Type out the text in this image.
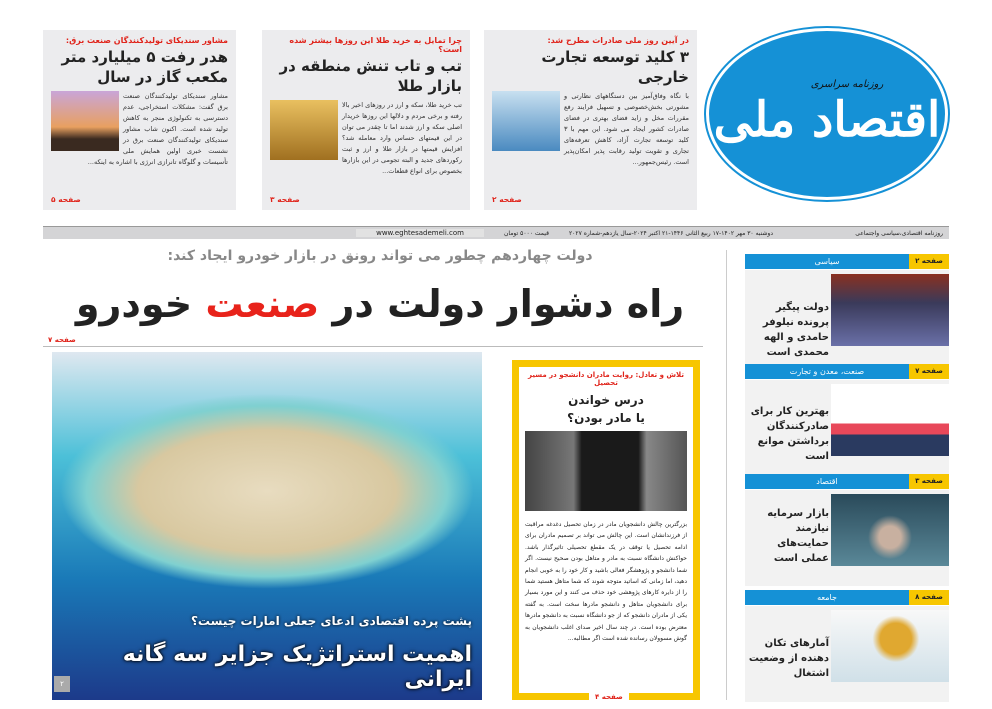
روزنامه سراسری
اقتصاد ملی
مشاور سندیکای تولیدکنندگان صنعت برق:
هدر رفت ۵ میلیارد متر مکعب گاز در سال
مشاور سندیکای تولیدکنندگان صنعت برق گفت: مشکلات استخراجی، عدم دسترسی به تکنولوژی منجر به کاهش تولید شده است. اکنون شاب مشاور سندیکای تولیدکنندگان صنعت برق در نشست خبری اولین همایش ملی تأسیسات و گلوگاه تانرازی انرژی با اشاره به اینکه...
صفحه ۵
چرا تمایل به خرید طلا این روزها بیشتر شده است؟
تب و تاب تنش منطقه در بازار طلا
تب خرید طلا، سکه و ارز در روزهای اخیر بالا رفته و برخی مردم و دلالها این روزها خریدار اصلی سکه و ارز شدند اما تا چقدر می توان در این قیمتهای حساس وارد معامله شد؟ افزایش قیمتها در بازار طلا و ارز و ثبت رکوردهای جدید و البته تجومی در این بازارها بخصوص برای انواع قطعات...
صفحه ۳
در آیین روز ملی صادرات مطرح شد:
۳ کلید توسعه تجارت خارجی
با نگاه وفاق‌آمیز بین دستگاههای نظارتی و مشورتی بخش‌خصوصی و تسهیل فرایند رفع مقررات مخل و زاید فضای بهتری در فضای صادرات کشور ایجاد می شود. این مهم با ۳ کلید توسعه تجارت آزاد، کاهش تعرفه‌های تجاری و تقویت تولید رقابت پذیر امکان‌پذیر است. رئیس‌جمهور...
صفحه ۲
روزنامه اقتصادی،سیاسی واجتماعی
دوشنبه ۳۰ مهر ۱۴۰۲-۱۷ ربیع الثانی ۱۴۴۶-۲۱ اکتبر ۲۰۲۴-سال یازدهم-شماره ۲۰۲۷
قیمت ۵۰۰۰ تومان
www.eghtesademeli.com
دولت چهاردهم چطور می تواند رونق در بازار خودرو ایجاد کند:
راه دشوار دولت در صنعت خودرو
صفحه ۷
پشت پرده اقتصادی ادعای جعلی امارات چیست؟
اهمیت استراتژیک جزایر سه گانه ایرانی
۲
تلاش و تعادل: روایت مادران دانشجو در مسیر تحصیل
درس خواندن
یا مادر بودن؟
بزرگترین چالش دانشجویان مادر در زمان تحصیل دغدغه مراقبت از فرزندانشان است. این چالش می تواند بر تصمیم مادران برای ادامه تحصیل یا توقف در یک مقطع تحصیلی تاثیرگذار باشد. حواکنش دانشگاه نسبت به مادر و متاهل بودن صحیح نیست. اگر شما دانشجو و پژوهشگر فعالی باشید و کار خود را به خوبی انجام دهید، اما زمانی که اساتید متوجه شوند که شما متاهل هستید شما را از دایره کارهای پژوهشی خود حذف می کنند و این مورد بسیار برای دانشجویان متاهل و دانشجو مادرها سخت است. به گفته یکی از مادران دانشجو که از جو دانشگاه نسبت به دانشجو مادرها معترض بوده است. در چند سال اخیر صدای اغلب دانشجویان به گوش مسوولان رسانده شده است اگر مطالبه...
صفحه ۴
صفحه ۲
سیاسی
دولت پیگیر پرونده نیلوفر حامدی و الهه محمدی است
صفحه ۷
صنعت، معدن و تجارت
بهترین کار برای صادرکنندگان برداشتن موانع است
صفحه ۳
اقتصاد
بازار سرمایه نیازمند حمایت‌های عملی است
صفحه ۸
جامعه
آمارهای تکان دهنده از وضعیت اشتغال
